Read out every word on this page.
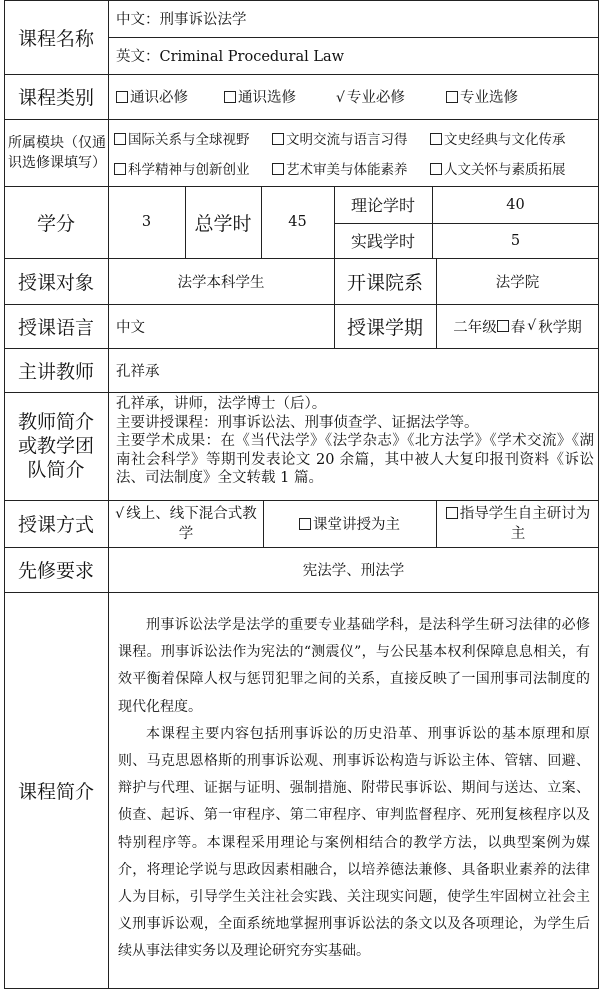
课程名称
中文：刑事诉讼法学
英文：Criminal Procedural Law
课程类别	通识必修	通识选修	√ 专业必修	专业选修
所属模块（仅通识选修课填写）
国际关系与全球视野	文明交流与语言习得	文史经典与文化传承
科学精神与创新创业	艺术审美与体能素养	人文关怀与素质拓展
学分	3	总学时	45
理论学时	40
实践学时	5
授课对象	法学本科学生	开课院系	法学院
授课语言	中文	授课学期	二年级 春 √ 秋学期
主讲教师	孔祥承
教师简介或教学团队简介
孔祥承，讲师，法学博士（后）。
主要讲授课程：刑事诉讼法、刑事侦查学、证据法学等。
主要学术成果：在《当代法学》《法学杂志》《北方法学》《学术交流》《湖南社会科学》等期刊发表论文 20 余篇，其中被人大复印报刊资料《诉讼法、司法制度》全文转载 1 篇。
授课方式
√ 线上、线下混合式教学
课堂讲授为主
指导学生自主研讨为主
先修要求	宪法学、刑法学
课程简介

刑事诉讼法学是法学的重要专业基础学科，是法科学生研习法律的必修课程。刑事诉讼法作为宪法的“测震仪”，与公民基本权利保障息息相关，有效平衡着保障人权与惩罚犯罪之间的关系，直接反映了一国刑事司法制度的现代化程度。

本课程主要内容包括刑事诉讼的历史沿革、刑事诉讼的基本原理和原则、马克思恩格斯的刑事诉讼观、刑事诉讼构造与诉讼主体、管辖、回避、辩护与代理、证据与证明、强制措施、附带民事诉讼、期间与送达、立案、侦查、起诉、第一审程序、第二审程序、审判监督程序、死刑复核程序以及特别程序等。本课程采用理论与案例相结合的教学方法，以典型案例为媒介，将理论学说与思政因素相融合，以培养德法兼修、具备职业素养的法律人为目标，引导学生关注社会实践、关注现实问题，使学生牢固树立社会主义刑事诉讼观，全面系统地掌握刑事诉讼法的条文以及各项理论，为学生后续从事法律实务以及理论研究夯实基础。
